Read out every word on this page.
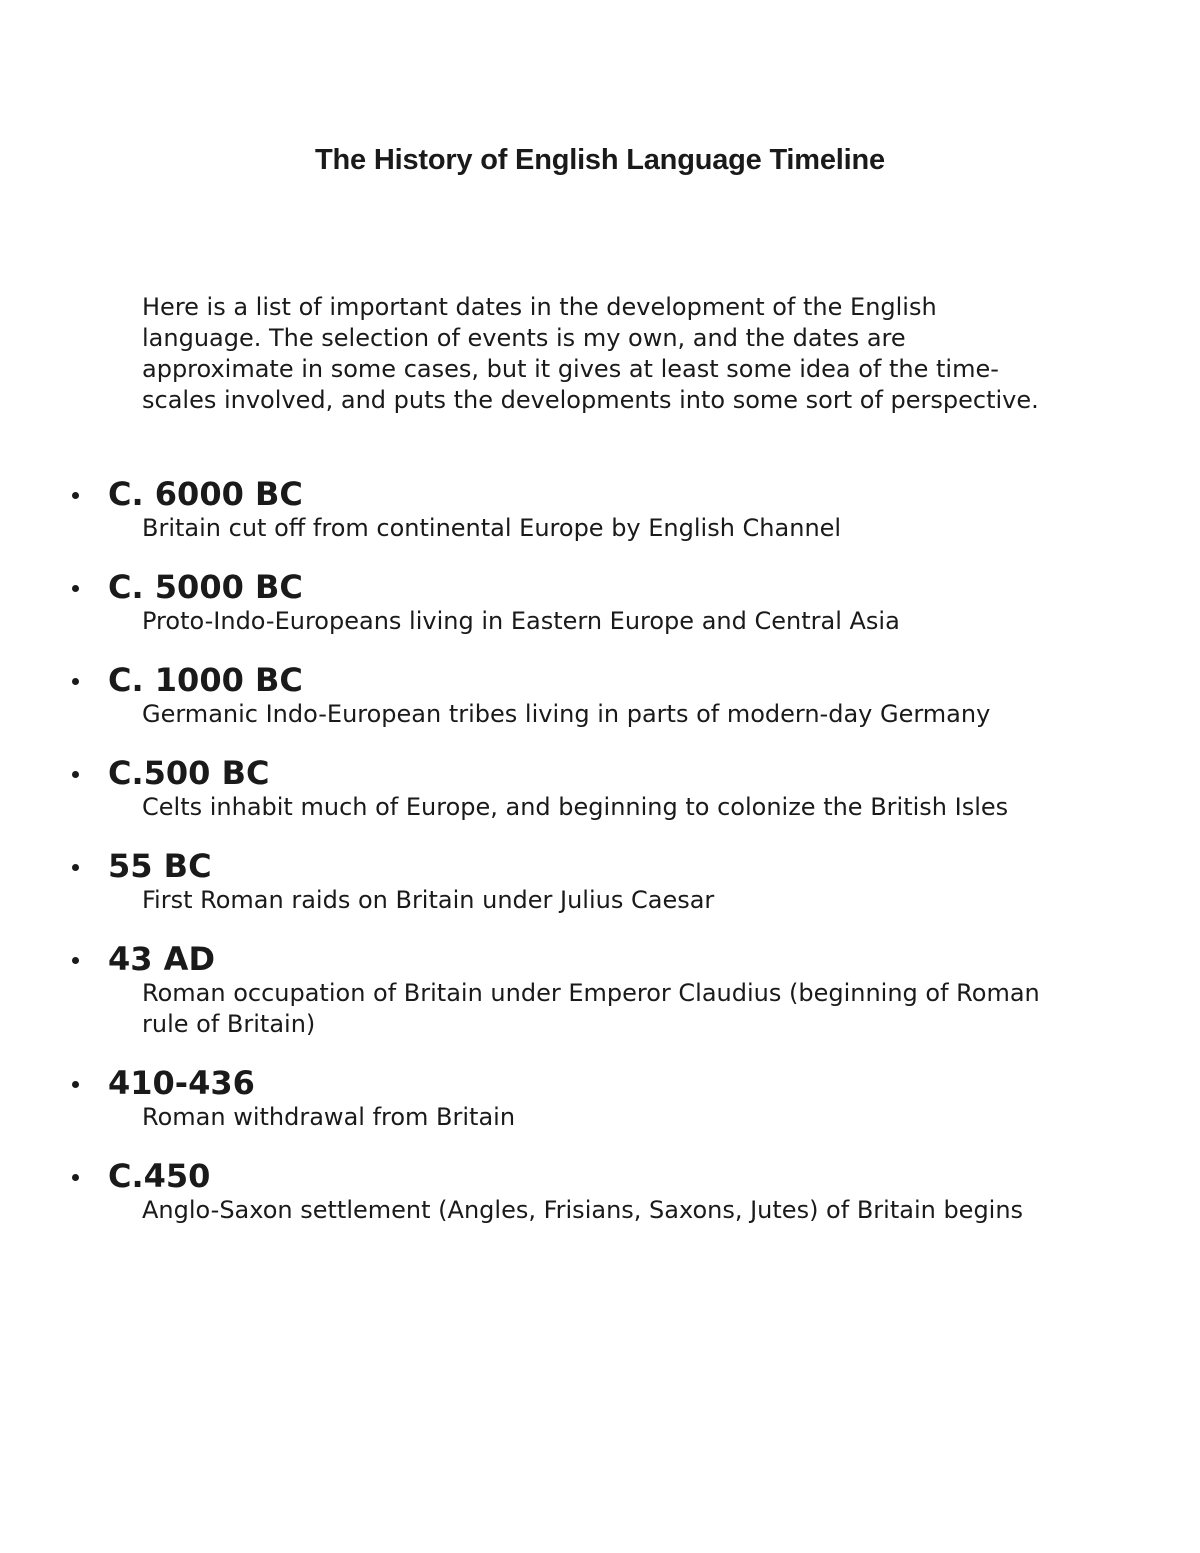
The History of English Language Timeline

Here is a list of important dates in the development of the English language. The selection of events is my own, and the dates are approximate in some cases, but it gives at least some idea of the time-scales involved, and puts the developments into some sort of perspective.

C. 6000 BC
Britain cut off from continental Europe by English Channel
C. 5000 BC
Proto-Indo-Europeans living in Eastern Europe and Central Asia
C. 1000 BC
Germanic Indo-European tribes living in parts of modern-day Germany
C.500 BC
Celts inhabit much of Europe, and beginning to colonize the British Isles
55 BC
First Roman raids on Britain under Julius Caesar
43 AD
Roman occupation of Britain under Emperor Claudius (beginning of Roman rule of Britain)
410-436
Roman withdrawal from Britain
C.450
Anglo-Saxon settlement (Angles, Frisians, Saxons, Jutes) of Britain begins
